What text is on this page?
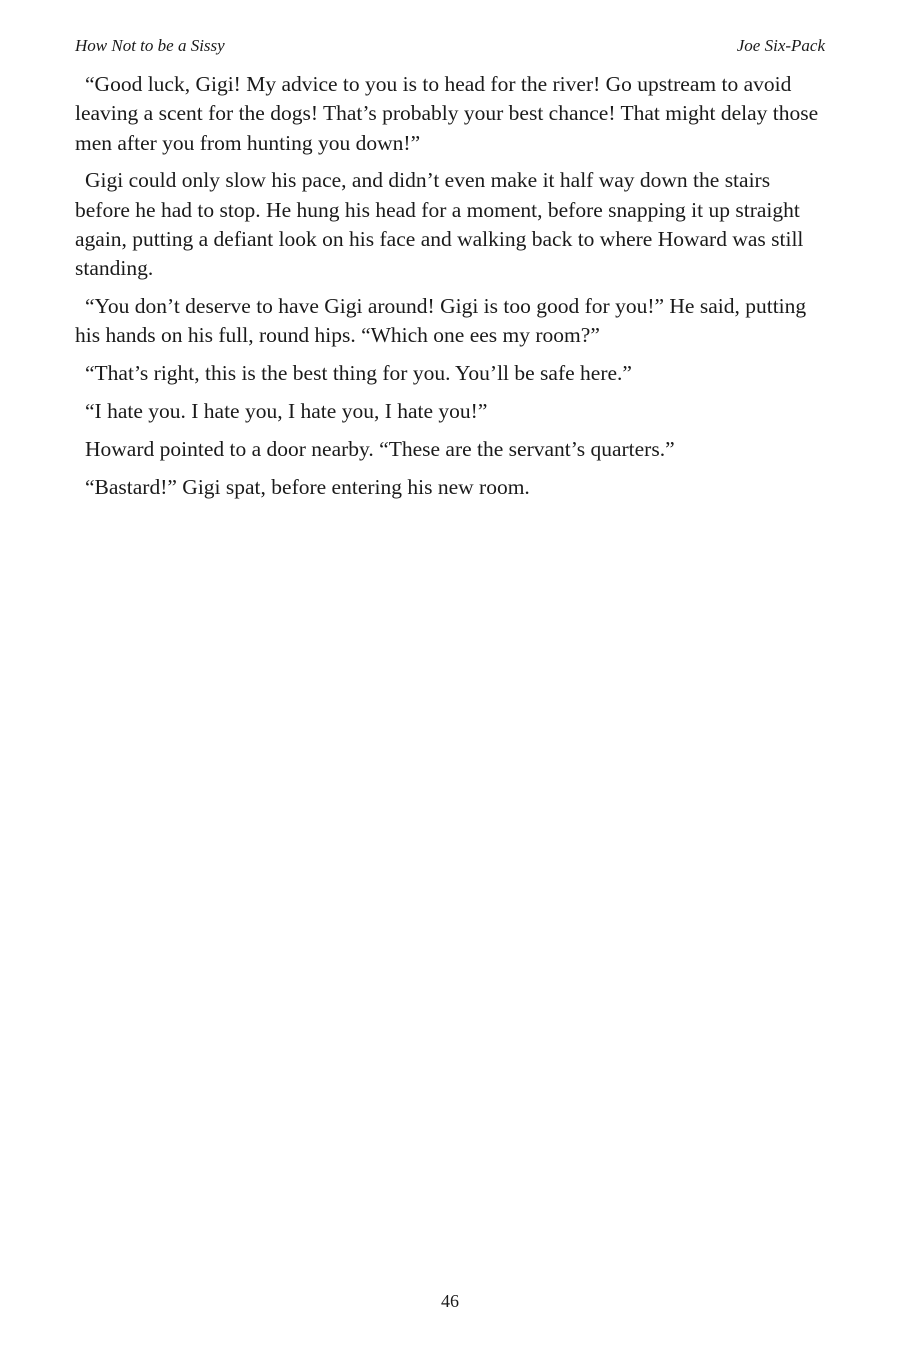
How Not to be a Sissy	Joe Six-Pack

“Good luck, Gigi! My advice to you is to head for the river! Go upstream to avoid leaving a scent for the dogs! That’s probably your best chance! That might delay those men after you from hunting you down!”

Gigi could only slow his pace, and didn’t even make it half way down the stairs before he had to stop. He hung his head for a moment, before snapping it up straight again, putting a defiant look on his face and walking back to where Howard was still standing.

“You don’t deserve to have Gigi around! Gigi is too good for you!” He said, putting his hands on his full, round hips. “Which one ees my room?”

“That’s right, this is the best thing for you. You’ll be safe here.”

“I hate you. I hate you, I hate you, I hate you!”

Howard pointed to a door nearby. “These are the servant’s quarters.”

“Bastard!” Gigi spat, before entering his new room.

46
